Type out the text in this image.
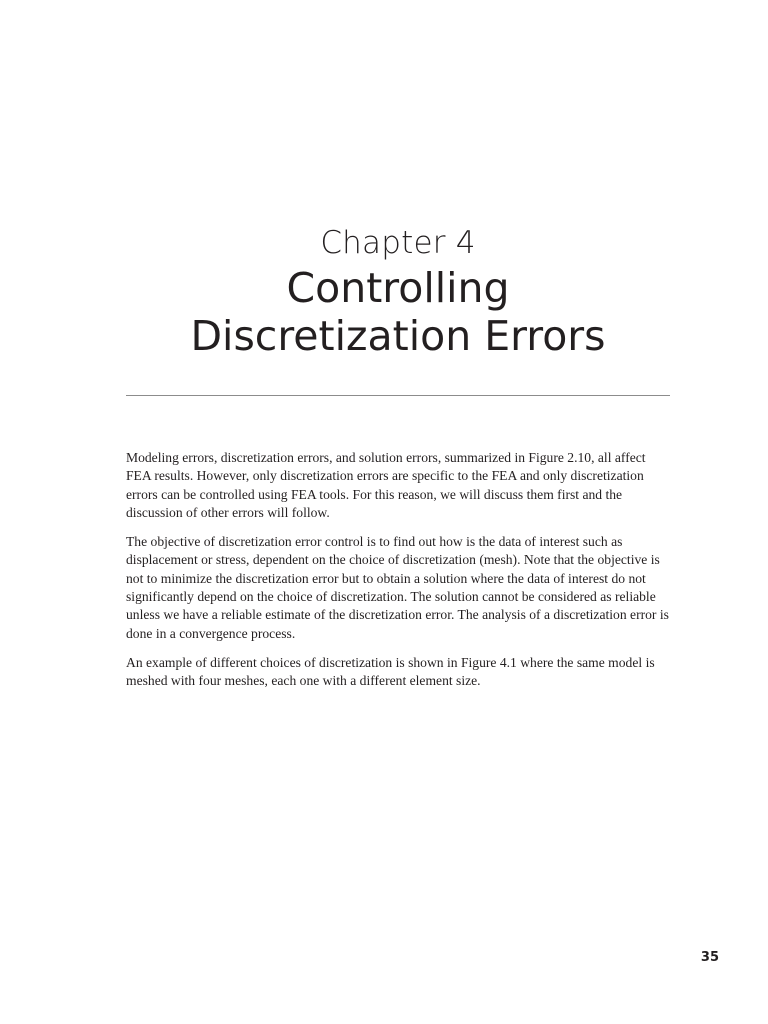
Chapter 4
Controlling
Discretization Errors

Modeling errors, discretization errors, and solution errors, summarized in Figure 2.10, all affect FEA results. However, only discretization errors are specific to the FEA and only discretization errors can be controlled using FEA tools. For this reason, we will discuss them first and the discussion of other errors will follow.

The objective of discretization error control is to find out how is the data of interest such as displacement or stress, dependent on the choice of discretization (mesh). Note that the objective is not to minimize the discretization error but to obtain a solution where the data of interest do not significantly depend on the choice of discretization. The solution cannot be considered as reliable unless we have a reliable estimate of the discretization error. The analysis of a discretization error is done in a convergence process.

An example of different choices of discretization is shown in Figure 4.1 where the same model is meshed with four meshes, each one with a different element size.

35
